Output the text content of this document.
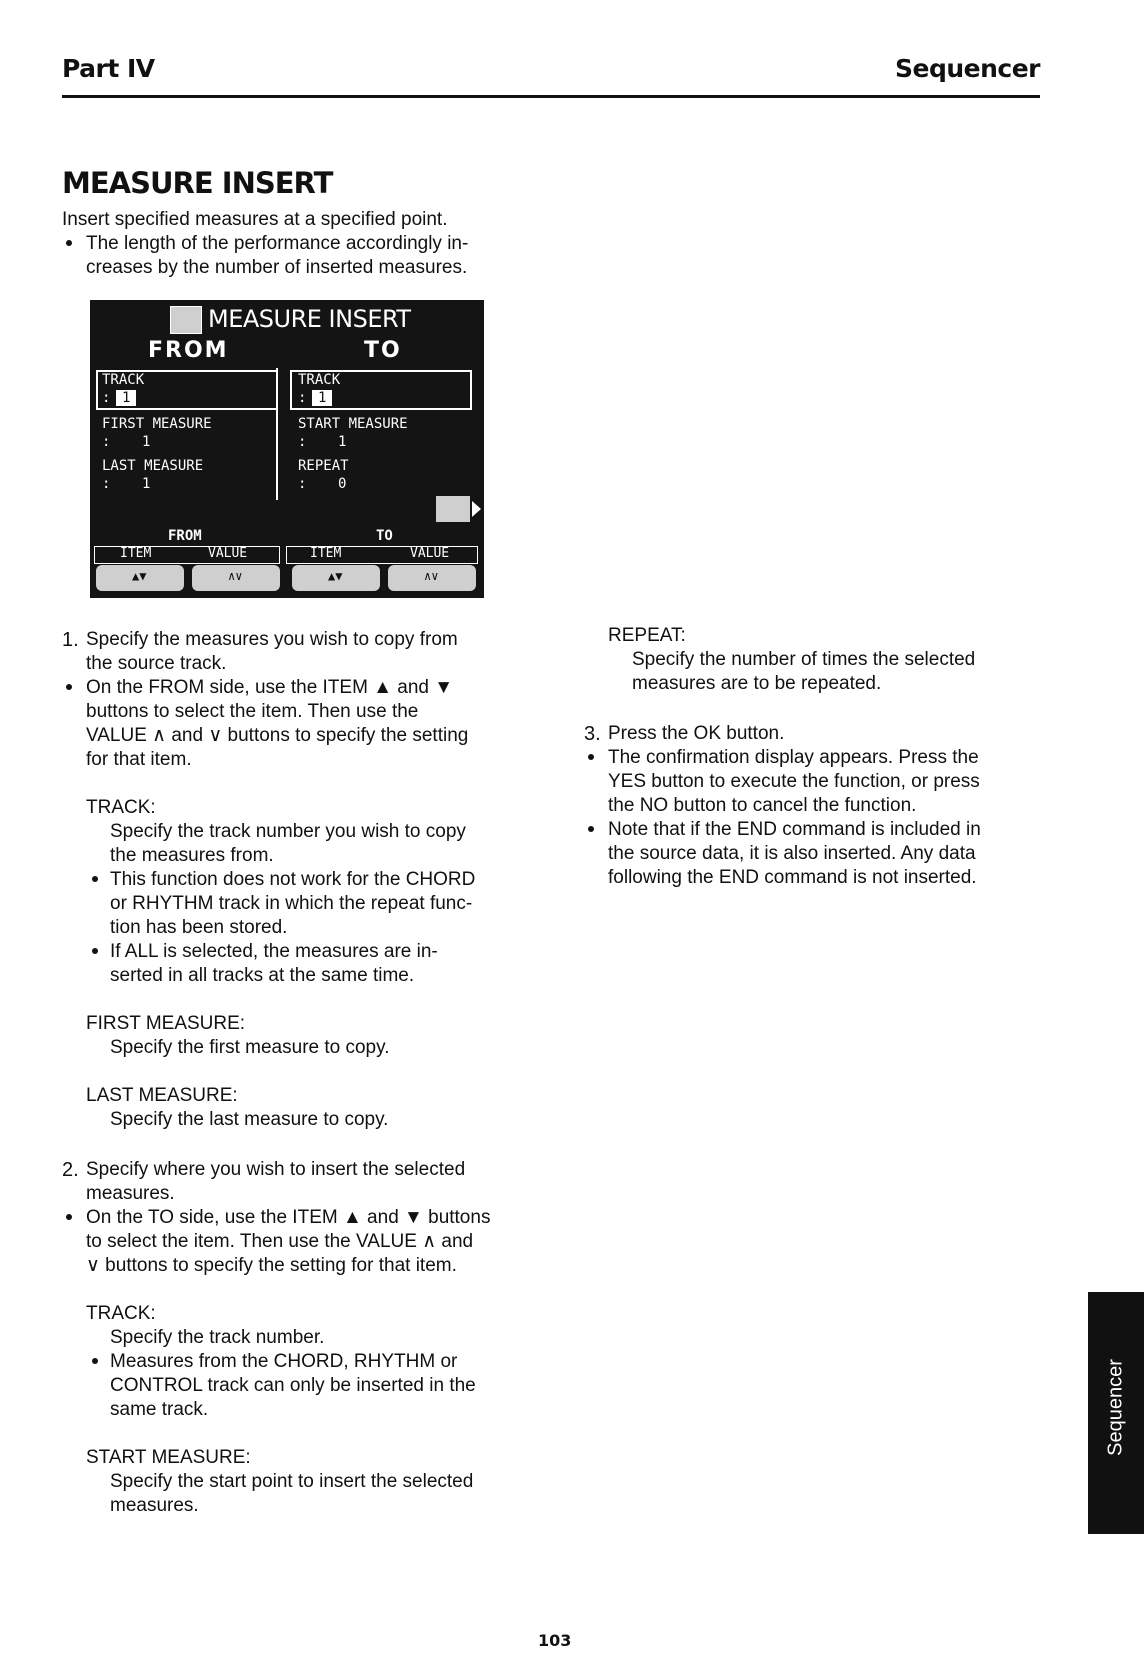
Part IV	Sequencer
MEASURE INSERT

Insert specified measures at a specified point.

The length of the performance accordingly in-

creases by the number of inserted measures.

MEASURE INSERT
FROM	TO
TRACK
: 1
FIRST MEASURE
: 1
LAST MEASURE
: 1
TRACK
: 1
START MEASURE
: 1
REPEAT
: 0
FROM	TO
ITEM	VALUE	ITEM	VALUE
▲▼	∧∨	▲▼	∧∨
1. Specify the measures you wish to copy from

the source track.

On the FROM side, use the ITEM ▲ and ▼

buttons to select the item. Then use the

VALUE ∧ and ∨ buttons to specify the setting

for that item.

TRACK:

Specify the track number you wish to copy

the measures from.

This function does not work for the CHORD

or RHYTHM track in which the repeat func-

tion has been stored.

If ALL is selected, the measures are in-

serted in all tracks at the same time.

FIRST MEASURE:

Specify the first measure to copy.

LAST MEASURE:

Specify the last measure to copy.

2. Specify where you wish to insert the selected

measures.

On the TO side, use the ITEM ▲ and ▼ buttons

to select the item. Then use the VALUE ∧ and

∨ buttons to specify the setting for that item.

TRACK:

Specify the track number.

Measures from the CHORD, RHYTHM or

CONTROL track can only be inserted in the

same track.

START MEASURE:

Specify the start point to insert the selected

measures.

REPEAT:

Specify the number of times the selected

measures are to be repeated.

3. Press the OK button.

The confirmation display appears. Press the

YES button to execute the function, or press

the NO button to cancel the function.

Note that if the END command is included in

the source data, it is also inserted. Any data

following the END command is not inserted.

Sequencer
103
